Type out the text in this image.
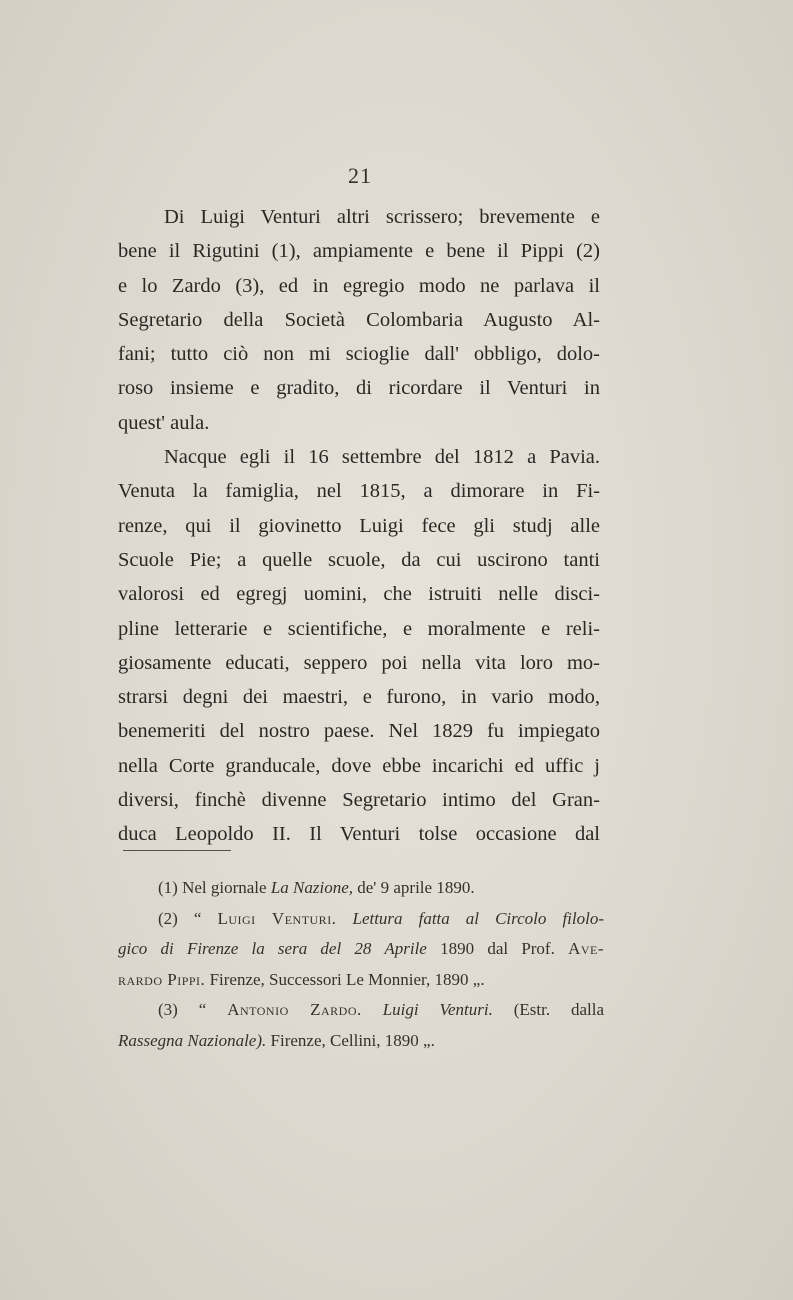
21
Di Luigi Venturi altri scrissero; brevemente e
bene il Rigutini (1), ampiamente e bene il Pippi (2)
e lo Zardo (3), ed in egregio modo ne parlava il
Segretario della Società Colombaria Augusto Al-
fani; tutto ciò non mi scioglie dall' obbligo, dolo-
roso insieme e gradito, di ricordare il Venturi in
quest' aula.
Nacque egli il 16 settembre del 1812 a Pavia.
Venuta la famiglia, nel 1815, a dimorare in Fi-
renze, qui il giovinetto Luigi fece gli studj alle
Scuole Pie; a quelle scuole, da cui uscirono tanti
valorosi ed egregj uomini, che istruiti nelle disci-
pline letterarie e scientifiche, e moralmente e reli-
giosamente educati, seppero poi nella vita loro mo-
strarsi degni dei maestri, e furono, in vario modo,
benemeriti del nostro paese. Nel 1829 fu impiegato
nella Corte granducale, dove ebbe incarichi ed uffic j
diversi, finchè divenne Segretario intimo del Gran-
duca Leopoldo II. Il Venturi tolse occasione dal
(1) Nel giornale La Nazione, de' 9 aprile 1890.
(2) “ Luigi Venturi. Lettura fatta al Circolo filolo-
gico di Firenze la sera del 28 Aprile 1890 dal Prof. Ave-
rardo Pippi. Firenze, Successori Le Monnier, 1890 „.
(3) “ Antonio Zardo. Luigi Venturi. (Estr. dalla
Rassegna Nazionale). Firenze, Cellini, 1890 „.
